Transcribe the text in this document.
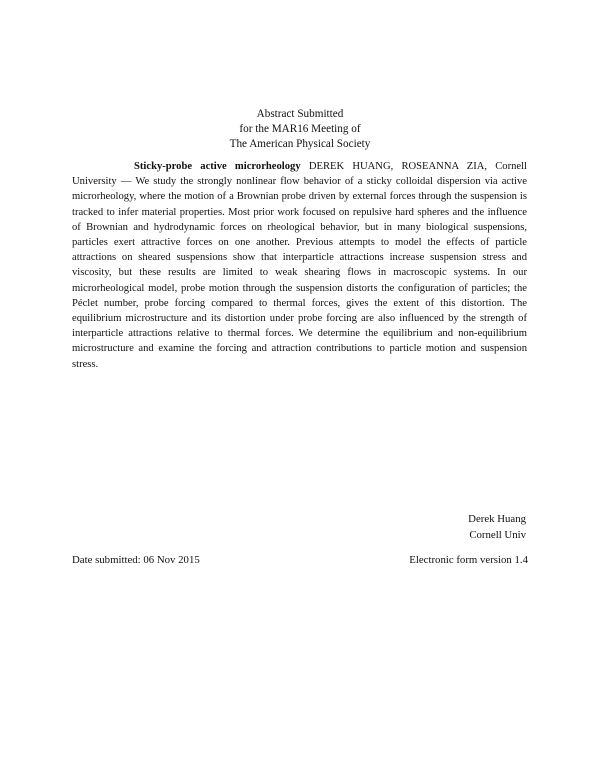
Abstract Submitted
for the MAR16 Meeting of
The American Physical Society
Sticky-probe active microrheology DEREK HUANG, ROSEANNA ZIA, Cornell University — We study the strongly nonlinear flow behavior of a sticky colloidal dispersion via active microrheology, where the motion of a Brownian probe driven by external forces through the suspension is tracked to infer material properties. Most prior work focused on repulsive hard spheres and the influence of Brownian and hydrodynamic forces on rheological behavior, but in many biological suspensions, particles exert attractive forces on one another. Previous attempts to model the effects of particle attractions on sheared suspensions show that interparticle attractions increase suspension stress and viscosity, but these results are limited to weak shearing flows in macroscopic systems. In our microrheological model, probe motion through the suspension distorts the configuration of particles; the Péclet number, probe forcing compared to thermal forces, gives the extent of this distortion. The equilibrium microstructure and its distortion under probe forcing are also influenced by the strength of interparticle attractions relative to thermal forces. We determine the equilibrium and non-equilibrium microstructure and examine the forcing and attraction contributions to particle motion and suspension stress.
Derek Huang
Cornell Univ
Date submitted: 06 Nov 2015	Electronic form version 1.4
